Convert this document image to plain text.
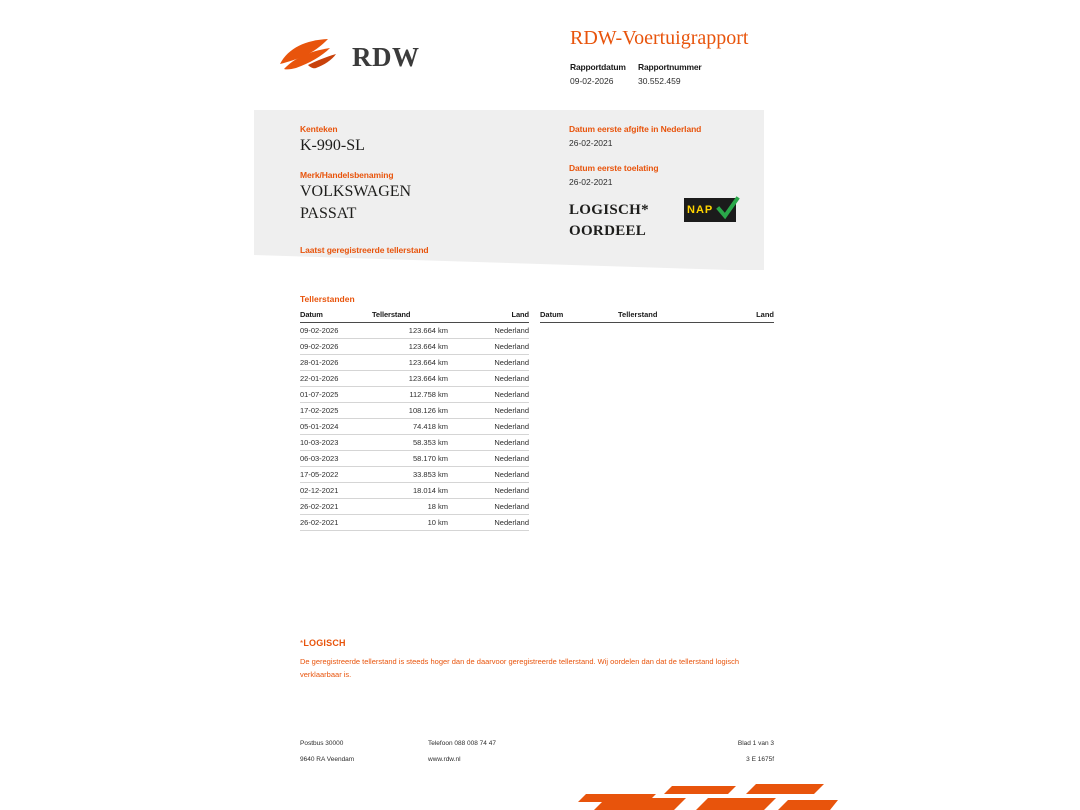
RDW
RDW-Voertuigrapport
Rapportdatum
09-02-2026
Rapportnummer
30.552.459
Kenteken
K-990-SL
Merk/Handelsbenaming
VOLKSWAGEN
PASSAT
Laatst geregistreerde tellerstand
Datum eerste afgifte in Nederland
26-02-2021
Datum eerste toelating
26-02-2021
LOGISCH*
OORDEEL
NAP
Tellerstanden
Datum	Tellerstand	Land
09-02-2026	123.664 km	Nederland
09-02-2026	123.664 km	Nederland
28-01-2026	123.664 km	Nederland
22-01-2026	123.664 km	Nederland
01-07-2025	112.758 km	Nederland
17-02-2025	108.126 km	Nederland
05-01-2024	74.418 km	Nederland
10-03-2023	58.353 km	Nederland
06-03-2023	58.170 km	Nederland
17-05-2022	33.853 km	Nederland
02-12-2021	18.014 km	Nederland
26-02-2021	18 km	Nederland
26-02-2021	10 km	Nederland
Datum	Tellerstand	Land
*LOGISCH
De geregistreerde tellerstand is steeds hoger dan de daarvoor geregistreerde tellerstand. Wij oordelen dan dat de tellerstand logisch verklaarbaar is.
Postbus 30000
9640 RA Veendam
Telefoon 088 008 74 47
www.rdw.nl
Blad 1 van 3
3 E 1675f
